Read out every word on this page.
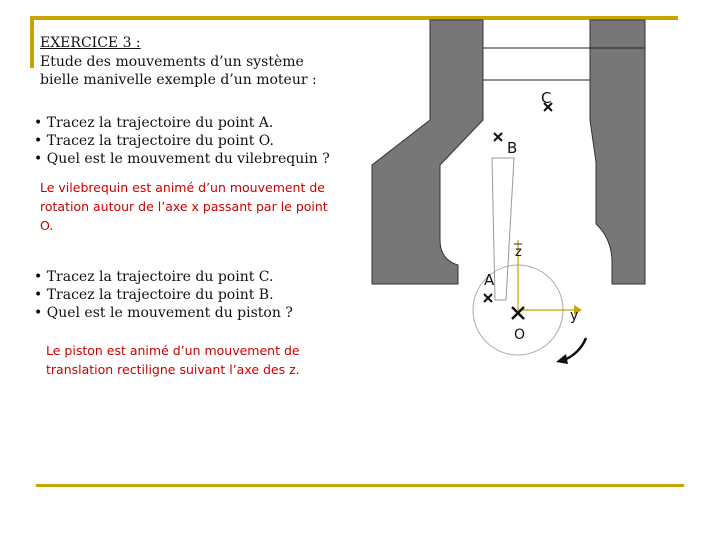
EXERCICE 3 :
Etude des mouvements d’un système bielle manivelle exemple d’un moteur :
• Tracez la trajectoire du point A.
• Tracez la trajectoire du point O.
• Quel est le mouvement du vilebrequin ?
Le vilebrequin est animé d’un mouvement de rotation autour de l’axe x passant par le point O.
• Tracez la trajectoire du point C.
• Tracez la trajectoire du point B.
• Quel est le mouvement du piston ?
Le piston est animé d’un mouvement de translation rectiligne suivant l’axe des z.
C
B
A
O
z
y
